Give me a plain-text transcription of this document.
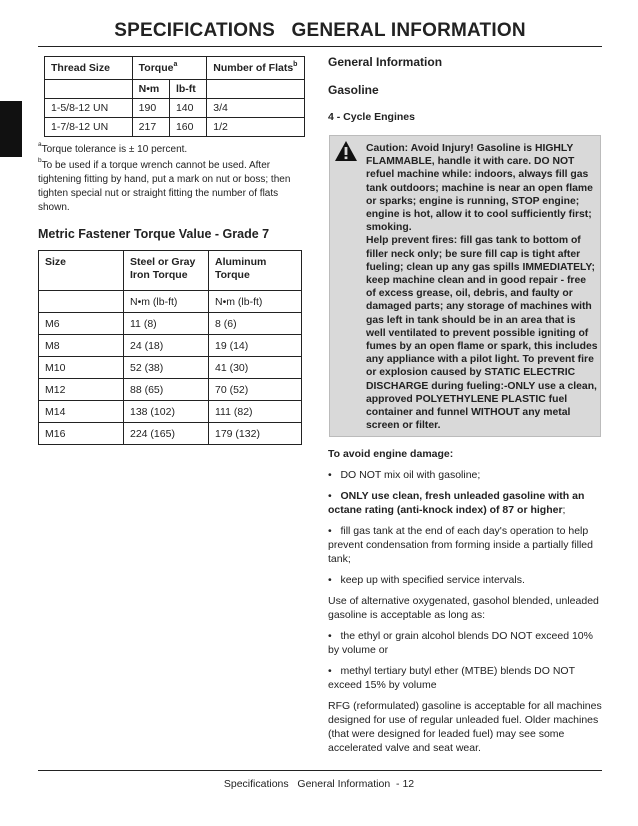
SPECIFICATIONS   GENERAL INFORMATION
Thread Size	Torque$^a$		Number of Flats$^b$
	N•m	lb-ft	
1-5/8-12 UN	190	140	3/4
1-7/8-12 UN	217	160	1/2
$^a$Torque tolerance is ± 10 percent.
$^b$To be used if a torque wrench cannot be used. After tightening fitting by hand, put a mark on nut or boss; then tighten special nut or straight fitting the number of flats shown.
Metric Fastener Torque Value - Grade 7
Size	Steel or Gray Iron Torque	Aluminum Torque
	N•m (lb-ft)	N•m (lb-ft)
M6	11 (8)	8 (6)
M8	24 (18)	19 (14)
M10	52 (38)	41 (30)
M12	88 (65)	70 (52)
M14	138 (102)	111 (82)
M16	224 (165)	179 (132)
General Information
Gasoline
4 - Cycle Engines
Caution: Avoid Injury! Gasoline is HIGHLY FLAMMABLE, handle it with care. DO NOT refuel machine while: indoors, always fill gas tank outdoors; machine is near an open flame or sparks; engine is running, STOP engine; engine is hot, allow it to cool sufficiently first; smoking.
Help prevent fires: fill gas tank to bottom of filler neck only; be sure fill cap is tight after fueling; clean up any gas spills IMMEDIATELY; keep machine clean and in good repair - free of excess grease, oil, debris, and faulty or damaged parts; any storage of machines with gas left in tank should be in an area that is well ventilated to prevent possible igniting of fumes by an open flame or spark, this includes any appliance with a pilot light. To prevent fire or explosion caused by STATIC ELECTRIC DISCHARGE during fueling:-ONLY use a clean, approved POLYETHYLENE PLASTIC fuel container and funnel WITHOUT any metal screen or filter.
To avoid engine damage:
• DO NOT mix oil with gasoline;
• ONLY use clean, fresh unleaded gasoline with an octane rating (anti-knock index) of 87 or higher;
• fill gas tank at the end of each day's operation to help prevent condensation from forming inside a partially filled tank;
• keep up with specified service intervals.
Use of alternative oxygenated, gasohol blended, unleaded gasoline is acceptable as long as:
• the ethyl or grain alcohol blends DO NOT exceed 10% by volume or
• methyl tertiary butyl ether (MTBE) blends DO NOT exceed 15% by volume
RFG (reformulated) gasoline is acceptable for all machines designed for use of regular unleaded fuel. Older machines (that were designed for leaded fuel) may see some accelerated valve and seat wear.
Specifications   General Information  - 12
